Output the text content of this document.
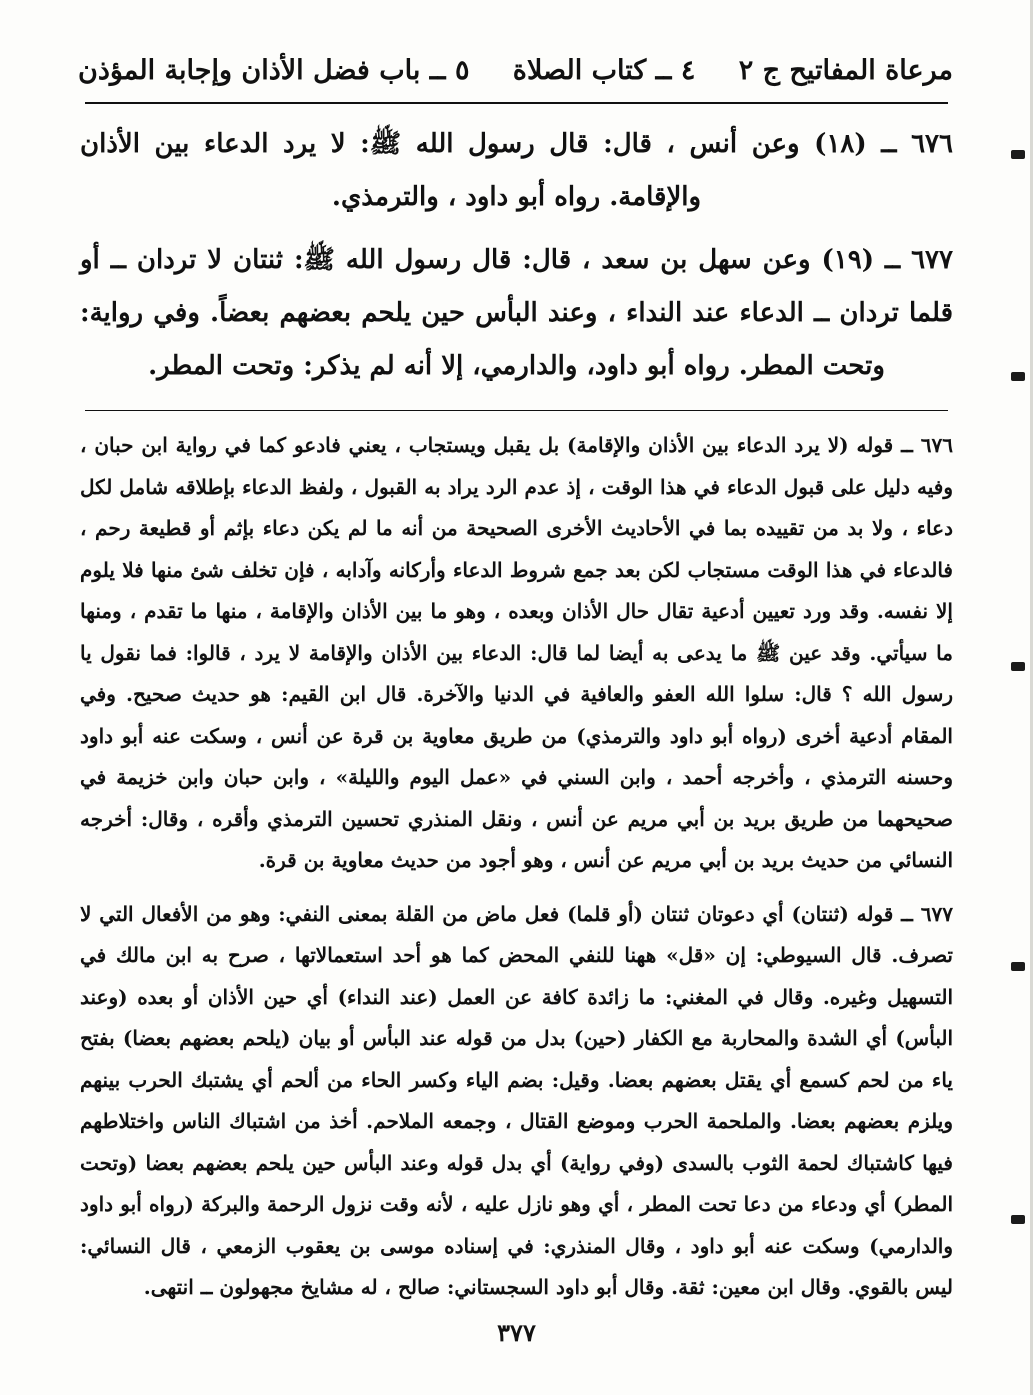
مرعاة المفاتيح ج ٢
٤ ــ كتاب الصلاة
٥ ــ باب فضل الأذان وإجابة المؤذن

٦٧٦ ــ (١٨) وعن أنس ، قال: قال رسول الله ﷺ: لا يرد الدعاء بين الأذان والإقامة. رواه أبو داود ، والترمذي.

٦٧٧ ــ (١٩) وعن سهل بن سعد ، قال: قال رسول الله ﷺ: ثنتان لا تردان ــ أو قلما تردان ــ الدعاء عند النداء ، وعند البأس حين يلحم بعضهم بعضاً. وفي رواية: وتحت المطر. رواه أبو داود، والدارمي، إلا أنه لم يذكر: وتحت المطر.

٦٧٦ ــ قوله (لا يرد الدعاء بين الأذان والإقامة) بل يقبل ويستجاب ، يعني فادعو كما في رواية ابن حبان ، وفيه دليل على قبول الدعاء في هذا الوقت ، إذ عدم الرد يراد به القبول ، ولفظ الدعاء بإطلاقه شامل لكل دعاء ، ولا بد من تقييده بما في الأحاديث الأخرى الصحيحة من أنه ما لم يكن دعاء بإثم أو قطيعة رحم ، فالدعاء في هذا الوقت مستجاب لكن بعد جمع شروط الدعاء وأركانه وآدابه ، فإن تخلف شئ منها فلا يلوم إلا نفسه. وقد ورد تعيين أدعية تقال حال الأذان وبعده ، وهو ما بين الأذان والإقامة ، منها ما تقدم ، ومنها ما سيأتي. وقد عين ﷺ ما يدعى به أيضا لما قال: الدعاء بين الأذان والإقامة لا يرد ، قالوا: فما نقول يا رسول الله ؟ قال: سلوا الله العفو والعافية في الدنيا والآخرة. قال ابن القيم: هو حديث صحيح. وفي المقام أدعية أخرى (رواه أبو داود والترمذي) من طريق معاوية بن قرة عن أنس ، وسكت عنه أبو داود وحسنه الترمذي ، وأخرجه أحمد ، وابن السني في «عمل اليوم والليلة» ، وابن حبان وابن خزيمة في صحيحهما من طريق بريد بن أبي مريم عن أنس ، ونقل المنذري تحسين الترمذي وأقره ، وقال: أخرجه النسائي من حديث بريد بن أبي مريم عن أنس ، وهو أجود من حديث معاوية بن قرة.

٦٧٧ ــ قوله (ثنتان) أي دعوتان ثنتان (أو قلما) فعل ماض من القلة بمعنى النفي: وهو من الأفعال التي لا تصرف. قال السيوطي: إن «قل» ههنا للنفي المحض كما هو أحد استعمالاتها ، صرح به ابن مالك في التسهيل وغيره. وقال في المغني: ما زائدة كافة عن العمل (عند النداء) أي حين الأذان أو بعده (وعند البأس) أي الشدة والمحاربة مع الكفار (حين) بدل من قوله عند البأس أو بيان (يلحم بعضهم بعضا) بفتح ياء من لحم كسمع أي يقتل بعضهم بعضا. وقيل: بضم الياء وكسر الحاء من ألحم أي يشتبك الحرب بينهم ويلزم بعضهم بعضا. والملحمة الحرب وموضع القتال ، وجمعه الملاحم. أخذ من اشتباك الناس واختلاطهم فيها كاشتباك لحمة الثوب بالسدى (وفي رواية) أي بدل قوله وعند البأس حين يلحم بعضهم بعضا (وتحت المطر) أي ودعاء من دعا تحت المطر ، أي وهو نازل عليه ، لأنه وقت نزول الرحمة والبركة (رواه أبو داود والدارمي) وسكت عنه أبو داود ، وقال المنذري: في إسناده موسى بن يعقوب الزمعي ، قال النسائي: ليس بالقوي. وقال ابن معين: ثقة. وقال أبو داود السجستاني: صالح ، له مشايخ مجهولون ــ انتهى.

٣٧٧
